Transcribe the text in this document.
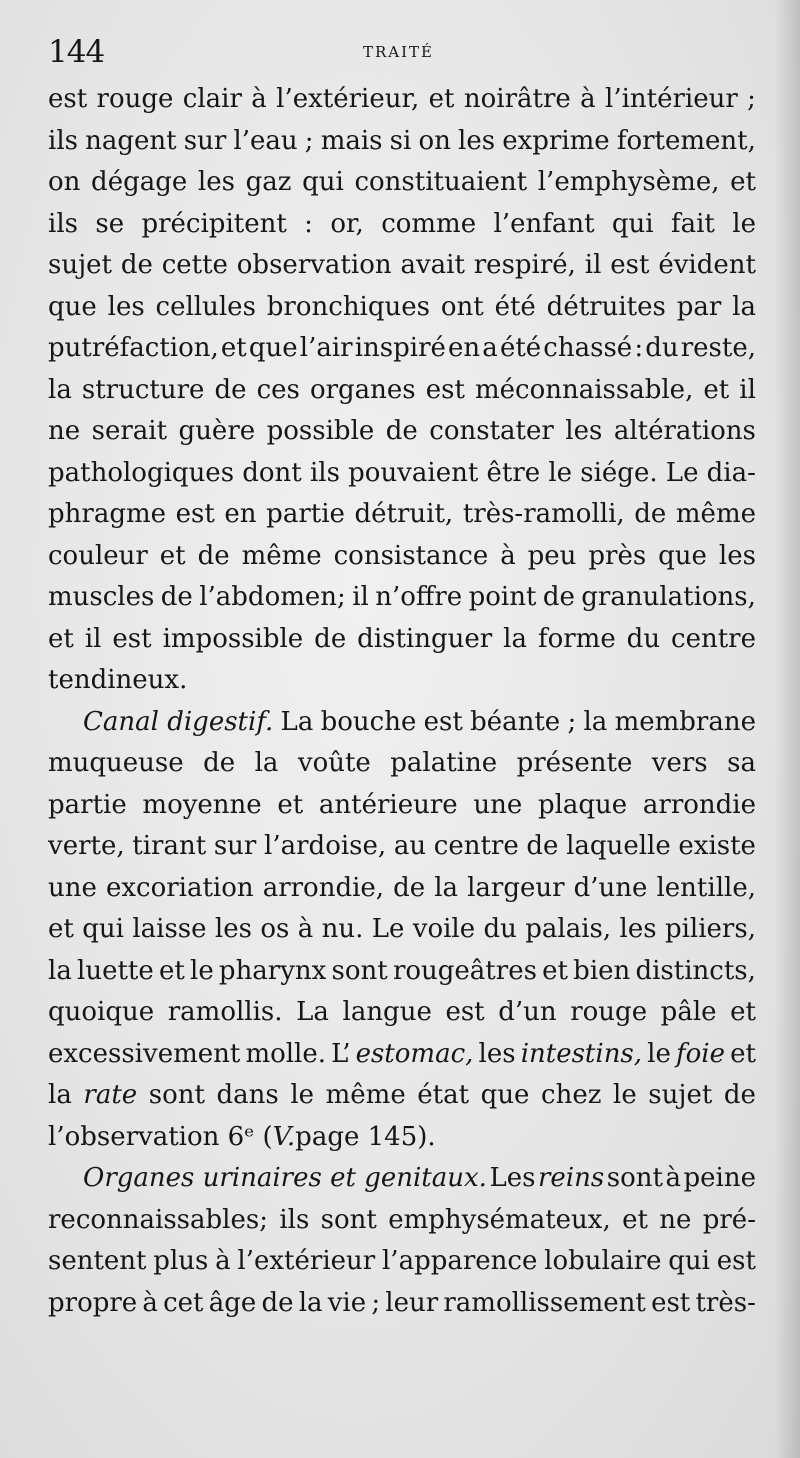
144	TRAITÉ
est rouge clair à l’extérieur, et noirâtre à l’intérieur ;
ils nagent sur l’eau ; mais si on les exprime fortement,
on dégage les gaz qui constituaient l’emphysème, et
ils se précipitent : or, comme l’enfant qui fait le
sujet de cette observation avait respiré, il est évident
que les cellules bronchiques ont été détruites par la
putréfaction, et que l’air inspiré en a été chassé : du reste,
la structure de ces organes est méconnaissable, et il
ne serait guère possible de constater les altérations
pathologiques dont ils pouvaient être le siége. Le dia-
phragme est en partie détruit, très-ramolli, de même
couleur et de même consistance à peu près que les
muscles de l’abdomen; il n’offre point de granulations,
et il est impossible de distinguer la forme du centre
tendineux.
Canal digestif. La bouche est béante ; la membrane
muqueuse de la voûte palatine présente vers sa
partie moyenne et antérieure une plaque arrondie
verte, tirant sur l’ardoise, au centre de laquelle existe
une excoriation arrondie, de la largeur d’une lentille,
et qui laisse les os à nu. Le voile du palais, les piliers,
la luette et le pharynx sont rougeâtres et bien distincts,
quoique ramollis. La langue est d’un rouge pâle et
excessivement molle. L’ estomac, les intestins, le foie et
la rate sont dans le même état que chez le sujet de
l’observation 6ᵉ ( V. page 145).
Organes urinaires et genitaux. Les reins sont à peine
reconnaissables; ils sont emphysémateux, et ne pré-
sentent plus à l’extérieur l’apparence lobulaire qui est
propre à cet âge de la vie ; leur ramollissement est très-
